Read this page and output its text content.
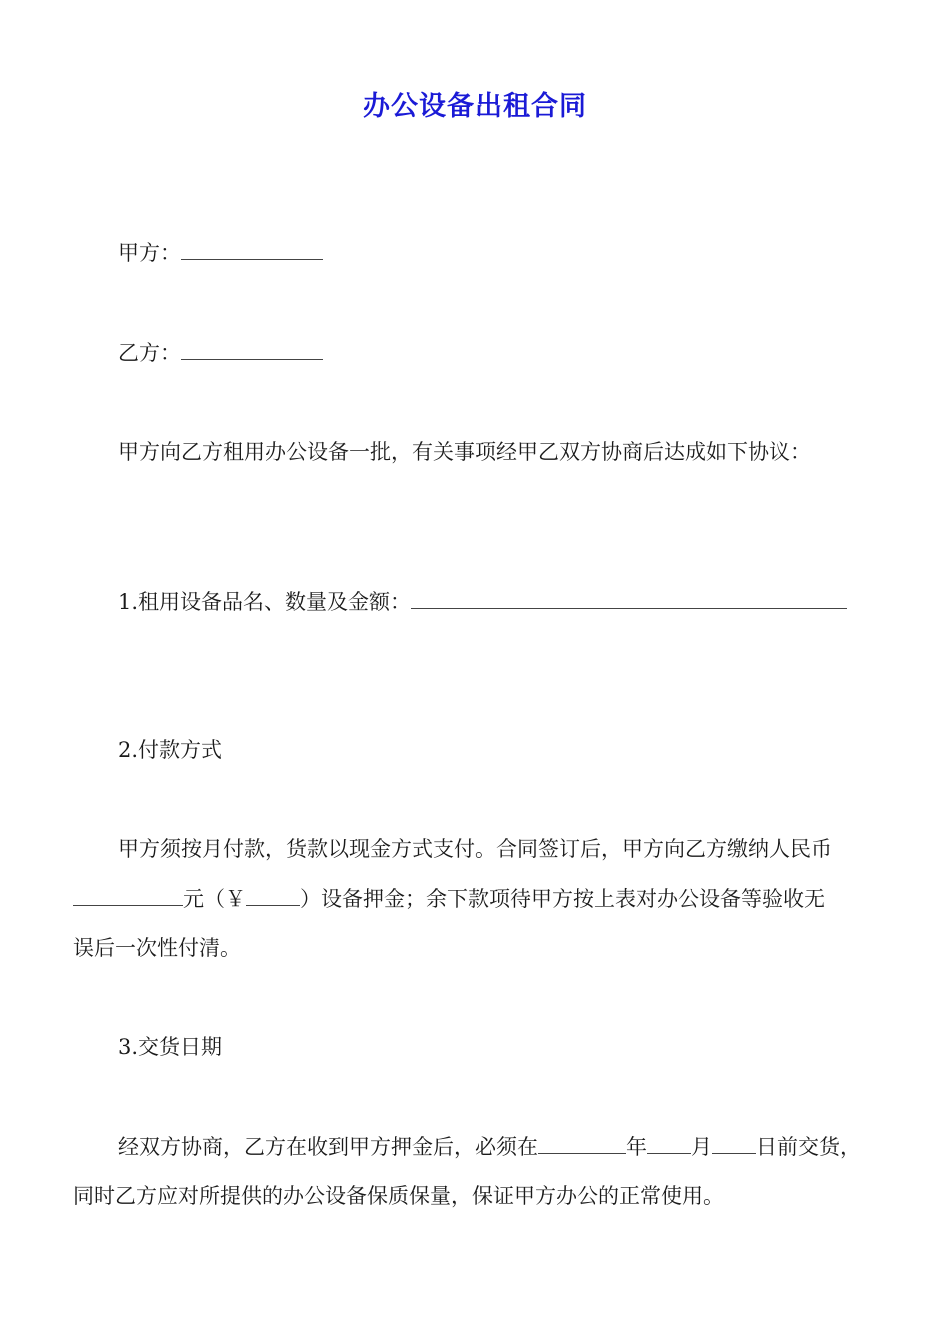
办公设备出租合同
甲方：
乙方：
甲方向乙方租用办公设备一批，有关事项经甲乙双方协商后达成如下协议：
1.租用设备品名、数量及金额：
2.付款方式
甲方须按月付款，货款以现金方式支付。合同签订后，甲方向乙方缴纳人民币
元（￥	）设备押金；余下款项待甲方按上表对办公设备等验收无
误后一次性付清。
3.交货日期
经双方协商，乙方在收到甲方押金后，必须在	年 月 日前交货，
同时乙方应对所提供的办公设备保质保量，保证甲方办公的正常使用。
